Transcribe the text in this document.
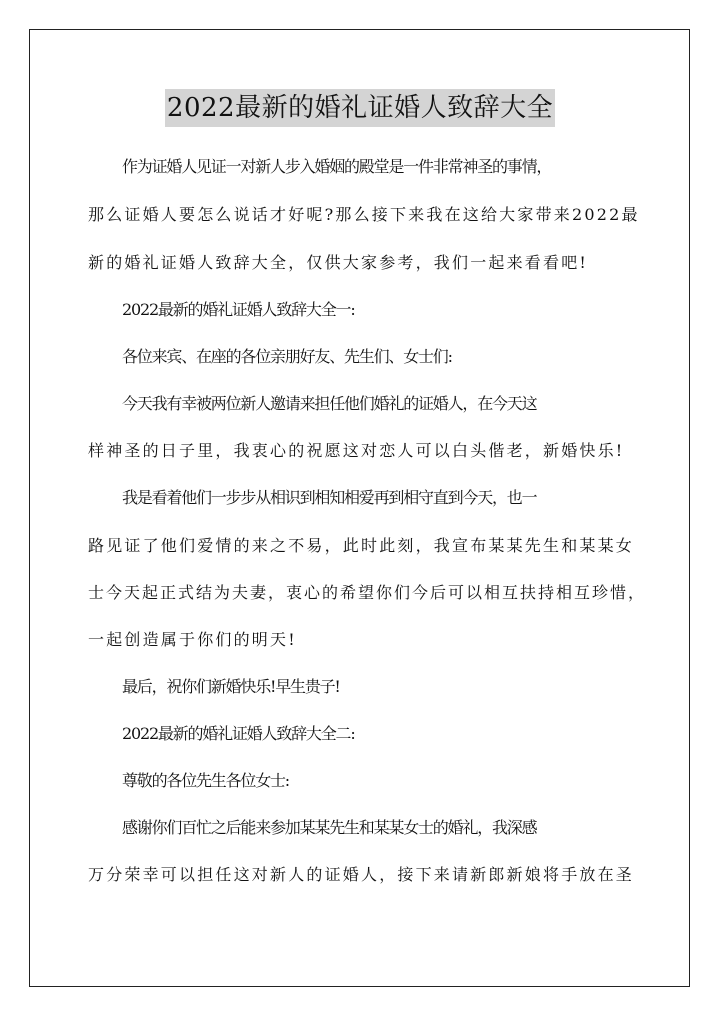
2022最新的婚礼证婚人致辞大全
作为证婚人见证一对新人步入婚姻的殿堂是一件非常神圣的事情，
那么证婚人要怎么说话才好呢?那么接下来我在这给大家带来2022最
新的婚礼证婚人致辞大全，仅供大家参考，我们一起来看看吧!
2022最新的婚礼证婚人致辞大全一:
各位来宾、在座的各位亲朋好友、先生们、女士们:
今天我有幸被两位新人邀请来担任他们婚礼的证婚人，在今天这
样神圣的日子里，我衷心的祝愿这对恋人可以白头偕老，新婚快乐!
我是看着他们一步步从相识到相知相爱再到相守直到今天，也一
路见证了他们爱情的来之不易，此时此刻，我宣布某某先生和某某女
士今天起正式结为夫妻，衷心的希望你们今后可以相互扶持相互珍惜，
一起创造属于你们的明天!
最后，祝你们新婚快乐!早生贵子!
2022最新的婚礼证婚人致辞大全二:
尊敬的各位先生各位女士:
感谢你们百忙之后能来参加某某先生和某某女士的婚礼，我深感
万分荣幸可以担任这对新人的证婚人，接下来请新郎新娘将手放在圣
